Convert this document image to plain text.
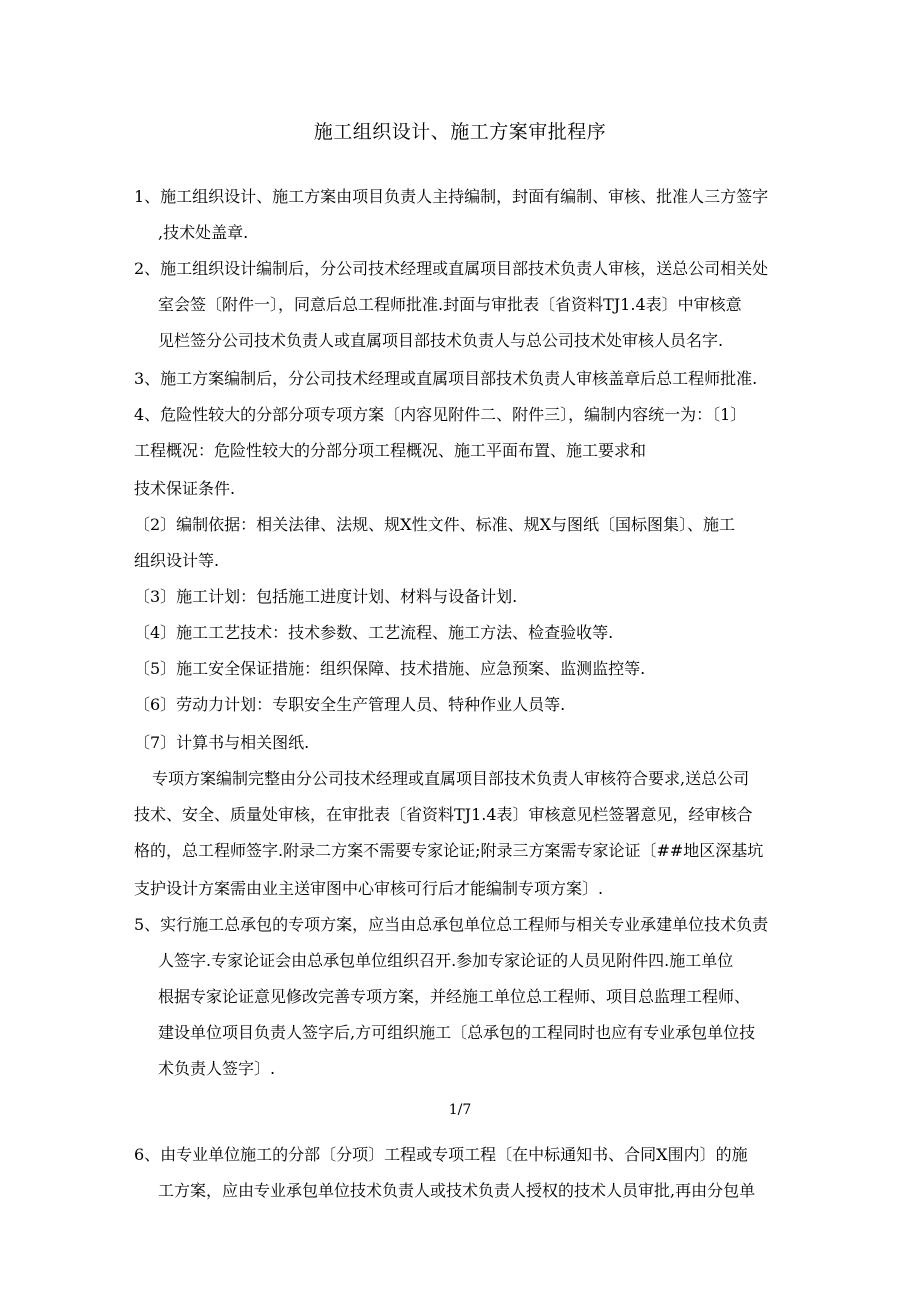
施工组织设计、施工方案审批程序
1、施工组织设计、施工方案由项目负责人主持编制，封面有编制、审核、批准人三方签字
,技术处盖章.
2、施工组织设计编制后，分公司技术经理或直属项目部技术负责人审核，送总公司相关处
室会签〔附件一〕，同意后总工程师批准.封面与审批表〔省资料TJ1.4表〕中审核意
见栏签分公司技术负责人或直属项目部技术负责人与总公司技术处审核人员名字.
3、施工方案编制后，分公司技术经理或直属项目部技术负责人审核盖章后总工程师批准.
4、危险性较大的分部分项专项方案〔内容见附件二、附件三〕，编制内容统一为：〔1〕
工程概况：危险性较大的分部分项工程概况、施工平面布置、施工要求和
技术保证条件.
〔2〕编制依据：相关法律、法规、规X性文件、标准、规X与图纸〔国标图集〕、施工
组织设计等.
〔3〕施工计划：包括施工进度计划、材料与设备计划.
〔4〕施工工艺技术：技术参数、工艺流程、施工方法、检查验收等.
〔5〕施工安全保证措施：组织保障、技术措施、应急预案、监测监控等.
〔6〕劳动力计划：专职安全生产管理人员、特种作业人员等.
〔7〕计算书与相关图纸.
专项方案编制完整由分公司技术经理或直属项目部技术负责人审核符合要求,送总公司
技术、安全、质量处审核，在审批表〔省资料TJ1.4表〕审核意见栏签署意见，经审核合
格的，总工程师签字.附录二方案不需要专家论证;附录三方案需专家论证〔##地区深基坑
支护设计方案需由业主送审图中心审核可行后才能编制专项方案〕.
5、实行施工总承包的专项方案，应当由总承包单位总工程师与相关专业承建单位技术负责
人签字.专家论证会由总承包单位组织召开.参加专家论证的人员见附件四.施工单位
根据专家论证意见修改完善专项方案，并经施工单位总工程师、项目总监理工程师、
建设单位项目负责人签字后,方可组织施工〔总承包的工程同时也应有专业承包单位技
术负责人签字〕.
1/7
6、由专业单位施工的分部〔分项〕工程或专项工程〔在中标通知书、合同X围内〕的施
工方案，应由专业承包单位技术负责人或技术负责人授权的技术人员审批,再由分包单
